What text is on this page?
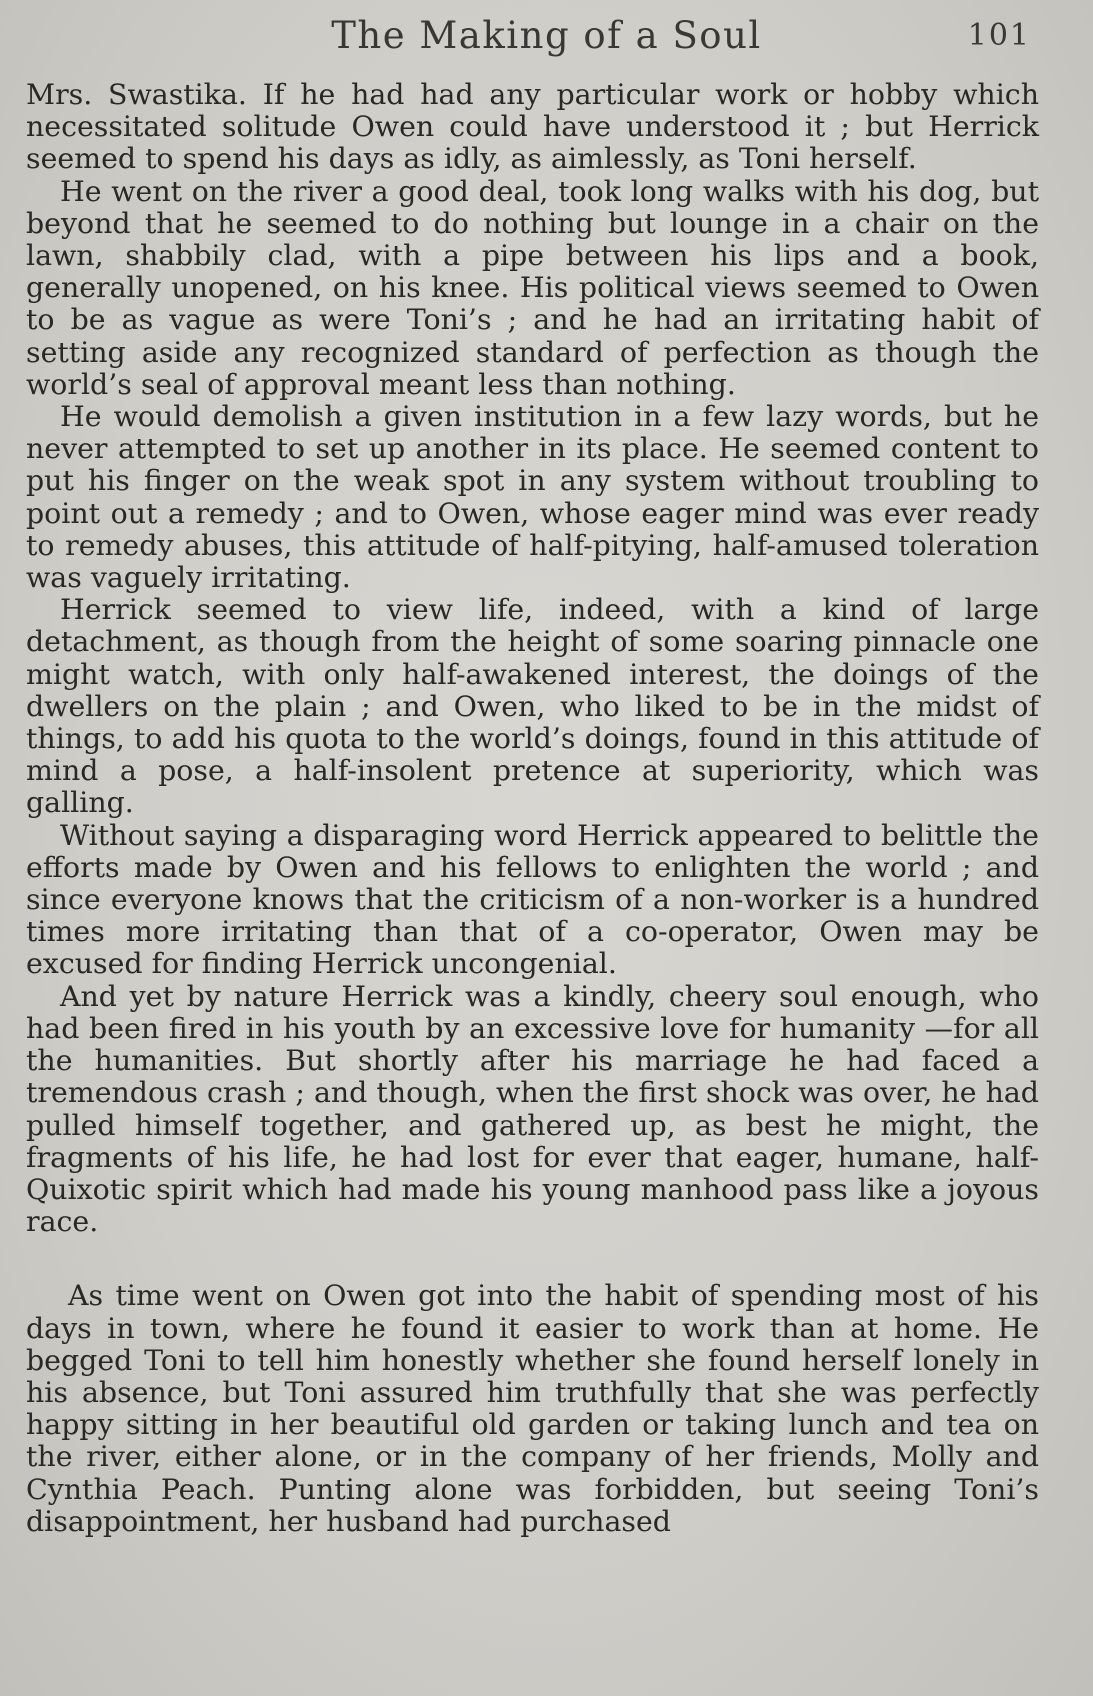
The Making of a Soul	101

Mrs. Swastika. If he had had any particular work or hobby which necessitated solitude Owen could have understood it ; but Herrick seemed to spend his days as idly, as aimlessly, as Toni herself.

He went on the river a good deal, took long walks with his dog, but beyond that he seemed to do nothing but lounge in a chair on the lawn, shabbily clad, with a pipe between his lips and a book, generally unopened, on his knee. His political views seemed to Owen to be as vague as were Toni’s ; and he had an irritating habit of setting aside any recognized standard of perfection as though the world’s seal of approval meant less than nothing.

He would demolish a given institution in a few lazy words, but he never attempted to set up another in its place. He seemed content to put his finger on the weak spot in any system without troubling to point out a remedy ; and to Owen, whose eager mind was ever ready to remedy abuses, this attitude of half-pitying, half-amused toleration was vaguely irritating.

Herrick seemed to view life, indeed, with a kind of large detachment, as though from the height of some soaring pinnacle one might watch, with only half-awakened interest, the doings of the dwellers on the plain ; and Owen, who liked to be in the midst of things, to add his quota to the world’s doings, found in this attitude of mind a pose, a half-insolent pretence at superiority, which was galling.

Without saying a disparaging word Herrick appeared to belittle the efforts made by Owen and his fellows to enlighten the world ; and since everyone knows that the criticism of a non-worker is a hundred times more irritating than that of a co-operator, Owen may be excused for finding Herrick uncongenial.

And yet by nature Herrick was a kindly, cheery soul enough, who had been fired in his youth by an excessive love for humanity —for all the humanities. But shortly after his marriage he had faced a tremendous crash ; and though, when the first shock was over, he had pulled himself together, and gathered up, as best he might, the fragments of his life, he had lost for ever that eager, humane, half-Quixotic spirit which had made his young manhood pass like a joyous race.

As time went on Owen got into the habit of spending most of his days in town, where he found it easier to work than at home. He begged Toni to tell him honestly whether she found herself lonely in his absence, but Toni assured him truthfully that she was perfectly happy sitting in her beautiful old garden or taking lunch and tea on the river, either alone, or in the company of her friends, Molly and Cynthia Peach. Punting alone was forbidden, but seeing Toni’s disappointment, her husband had purchased
